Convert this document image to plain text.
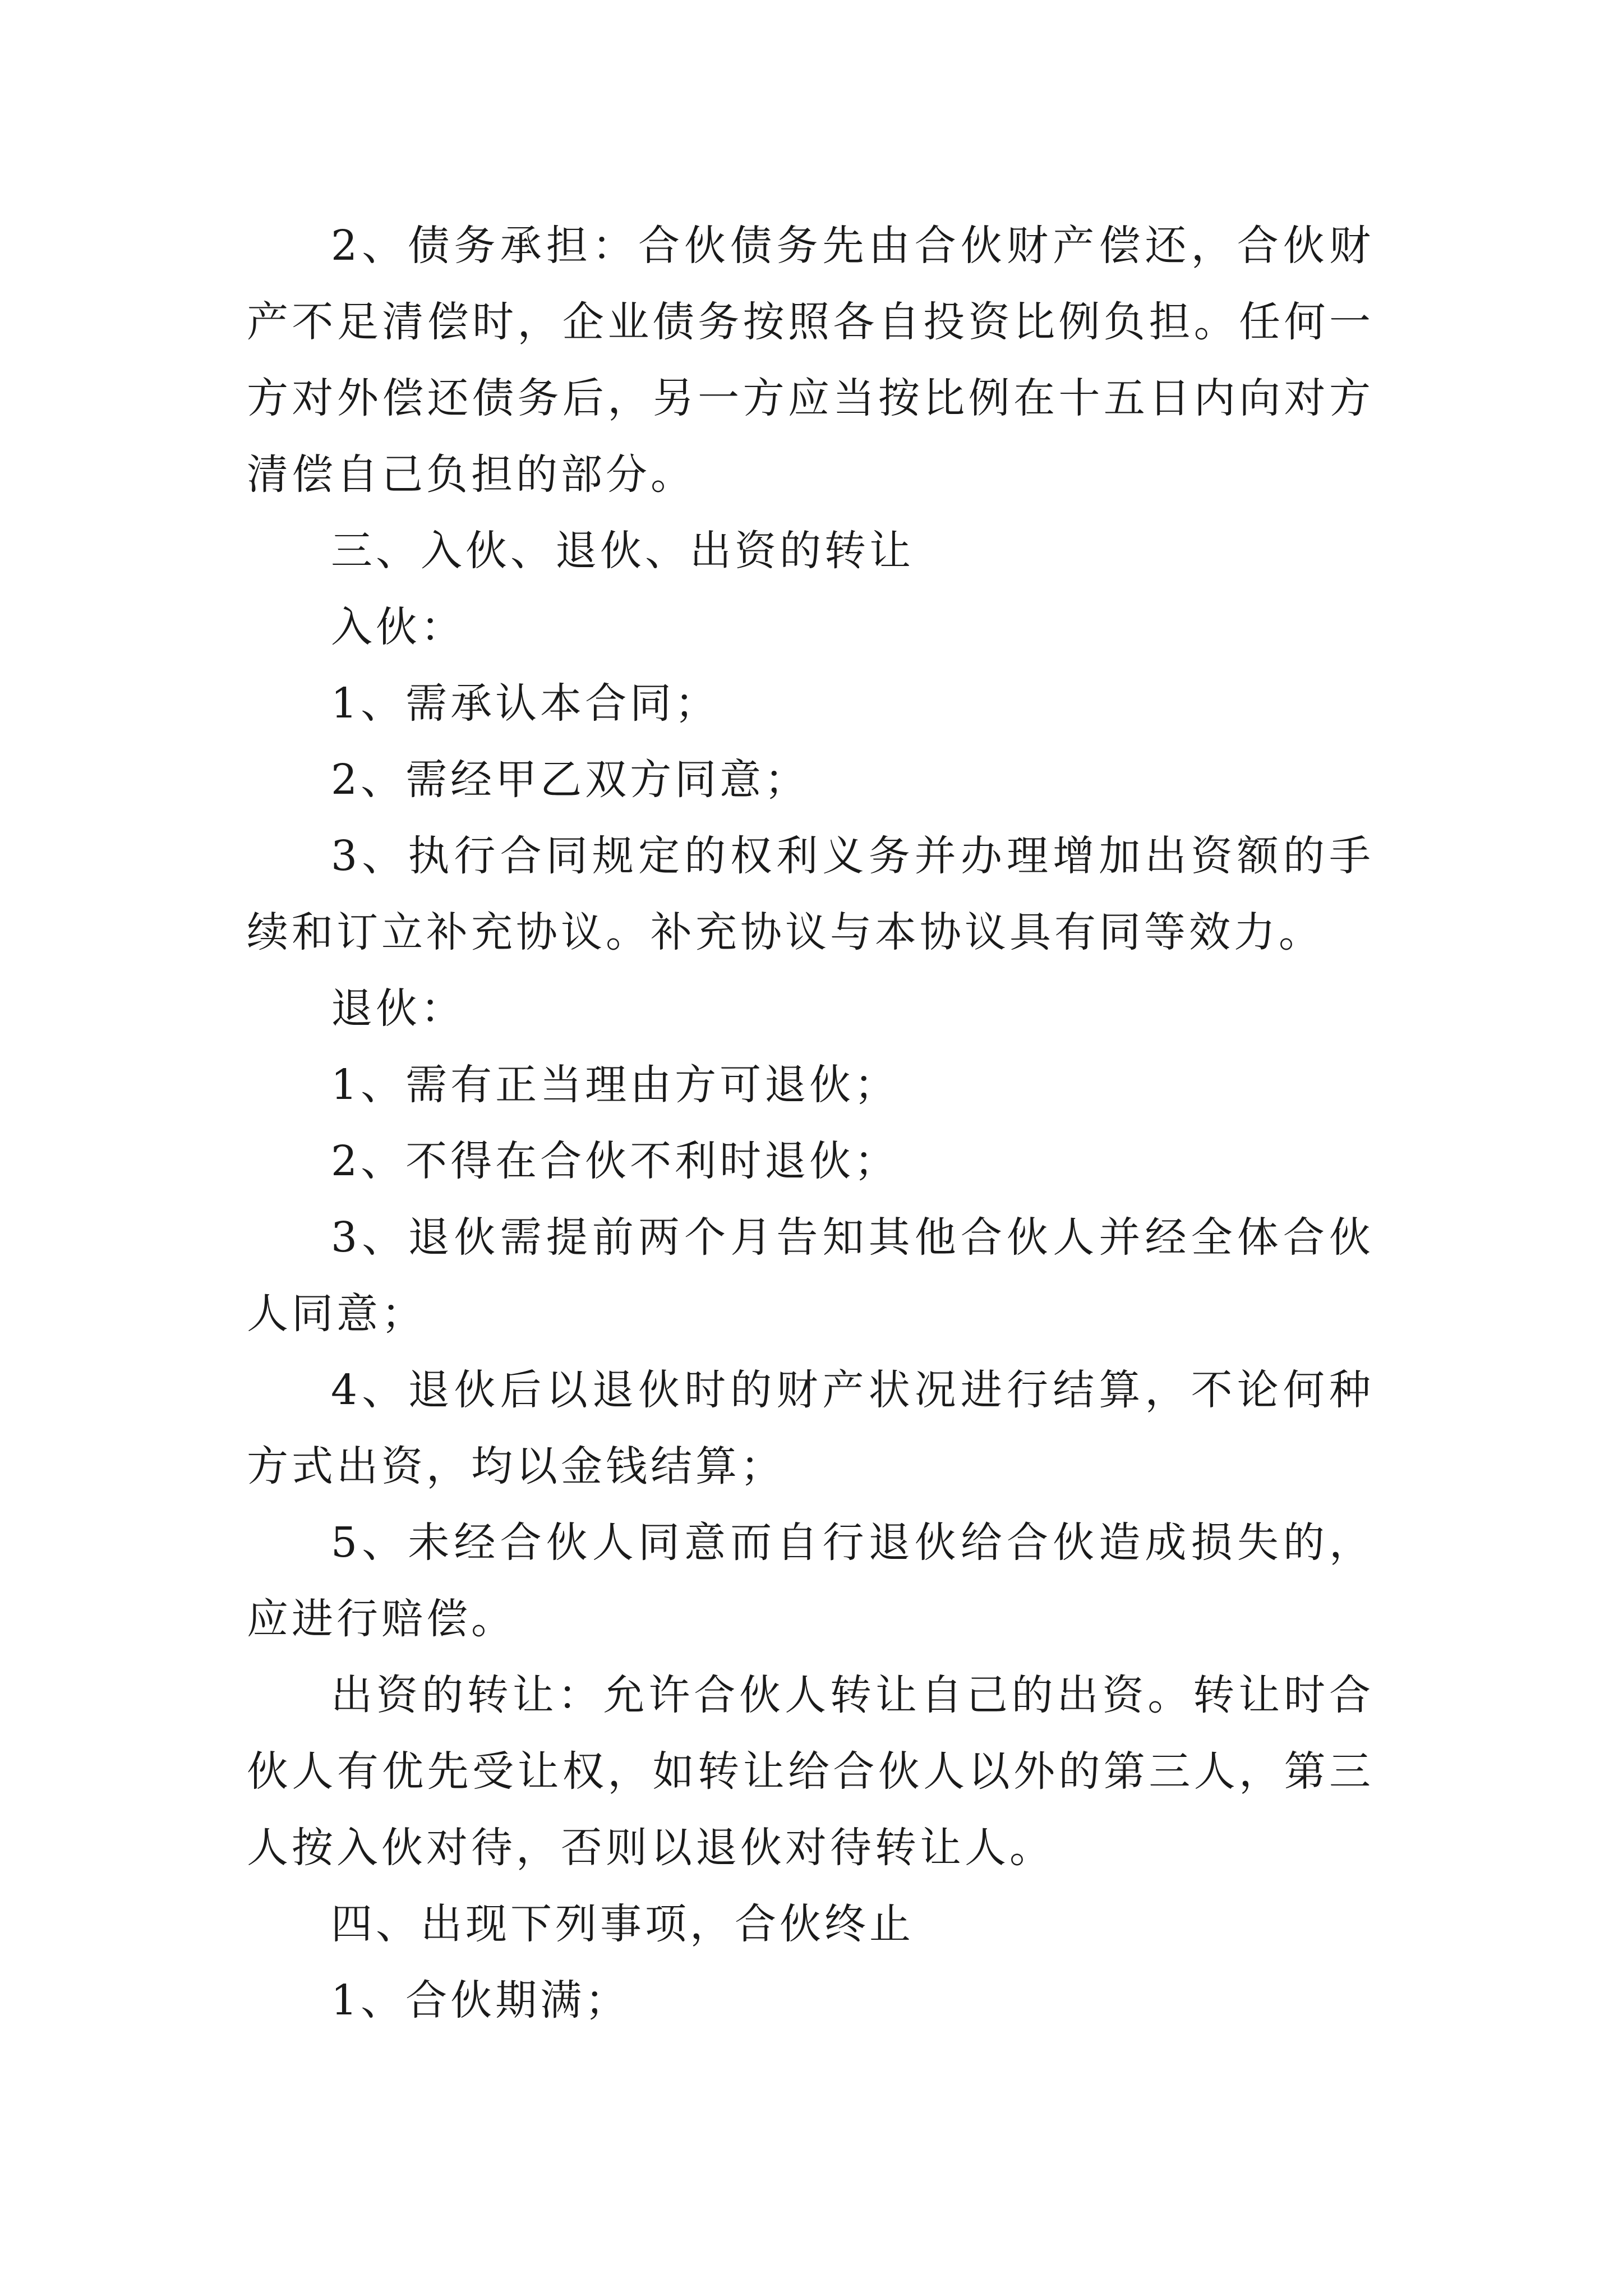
2、债务承担：合伙债务先由合伙财产偿还，合伙财产不足清偿时，企业债务按照各自投资比例负担。任何一方对外偿还债务后，另一方应当按比例在十五日内向对方清偿自己负担的部分。

三、入伙、退伙、出资的转让

入伙：

1、需承认本合同；

2、需经甲乙双方同意；

3、执行合同规定的权利义务并办理增加出资额的手续和订立补充协议。补充协议与本协议具有同等效力。

退伙：

1、需有正当理由方可退伙；

2、不得在合伙不利时退伙；

3、退伙需提前两个月告知其他合伙人并经全体合伙人同意；

4、退伙后以退伙时的财产状况进行结算，不论何种方式出资，均以金钱结算；

5、未经合伙人同意而自行退伙给合伙造成损失的，应进行赔偿。

出资的转让：允许合伙人转让自己的出资。转让时合伙人有优先受让权，如转让给合伙人以外的第三人，第三人按入伙对待，否则以退伙对待转让人。

四、出现下列事项，合伙终止

1、合伙期满；
